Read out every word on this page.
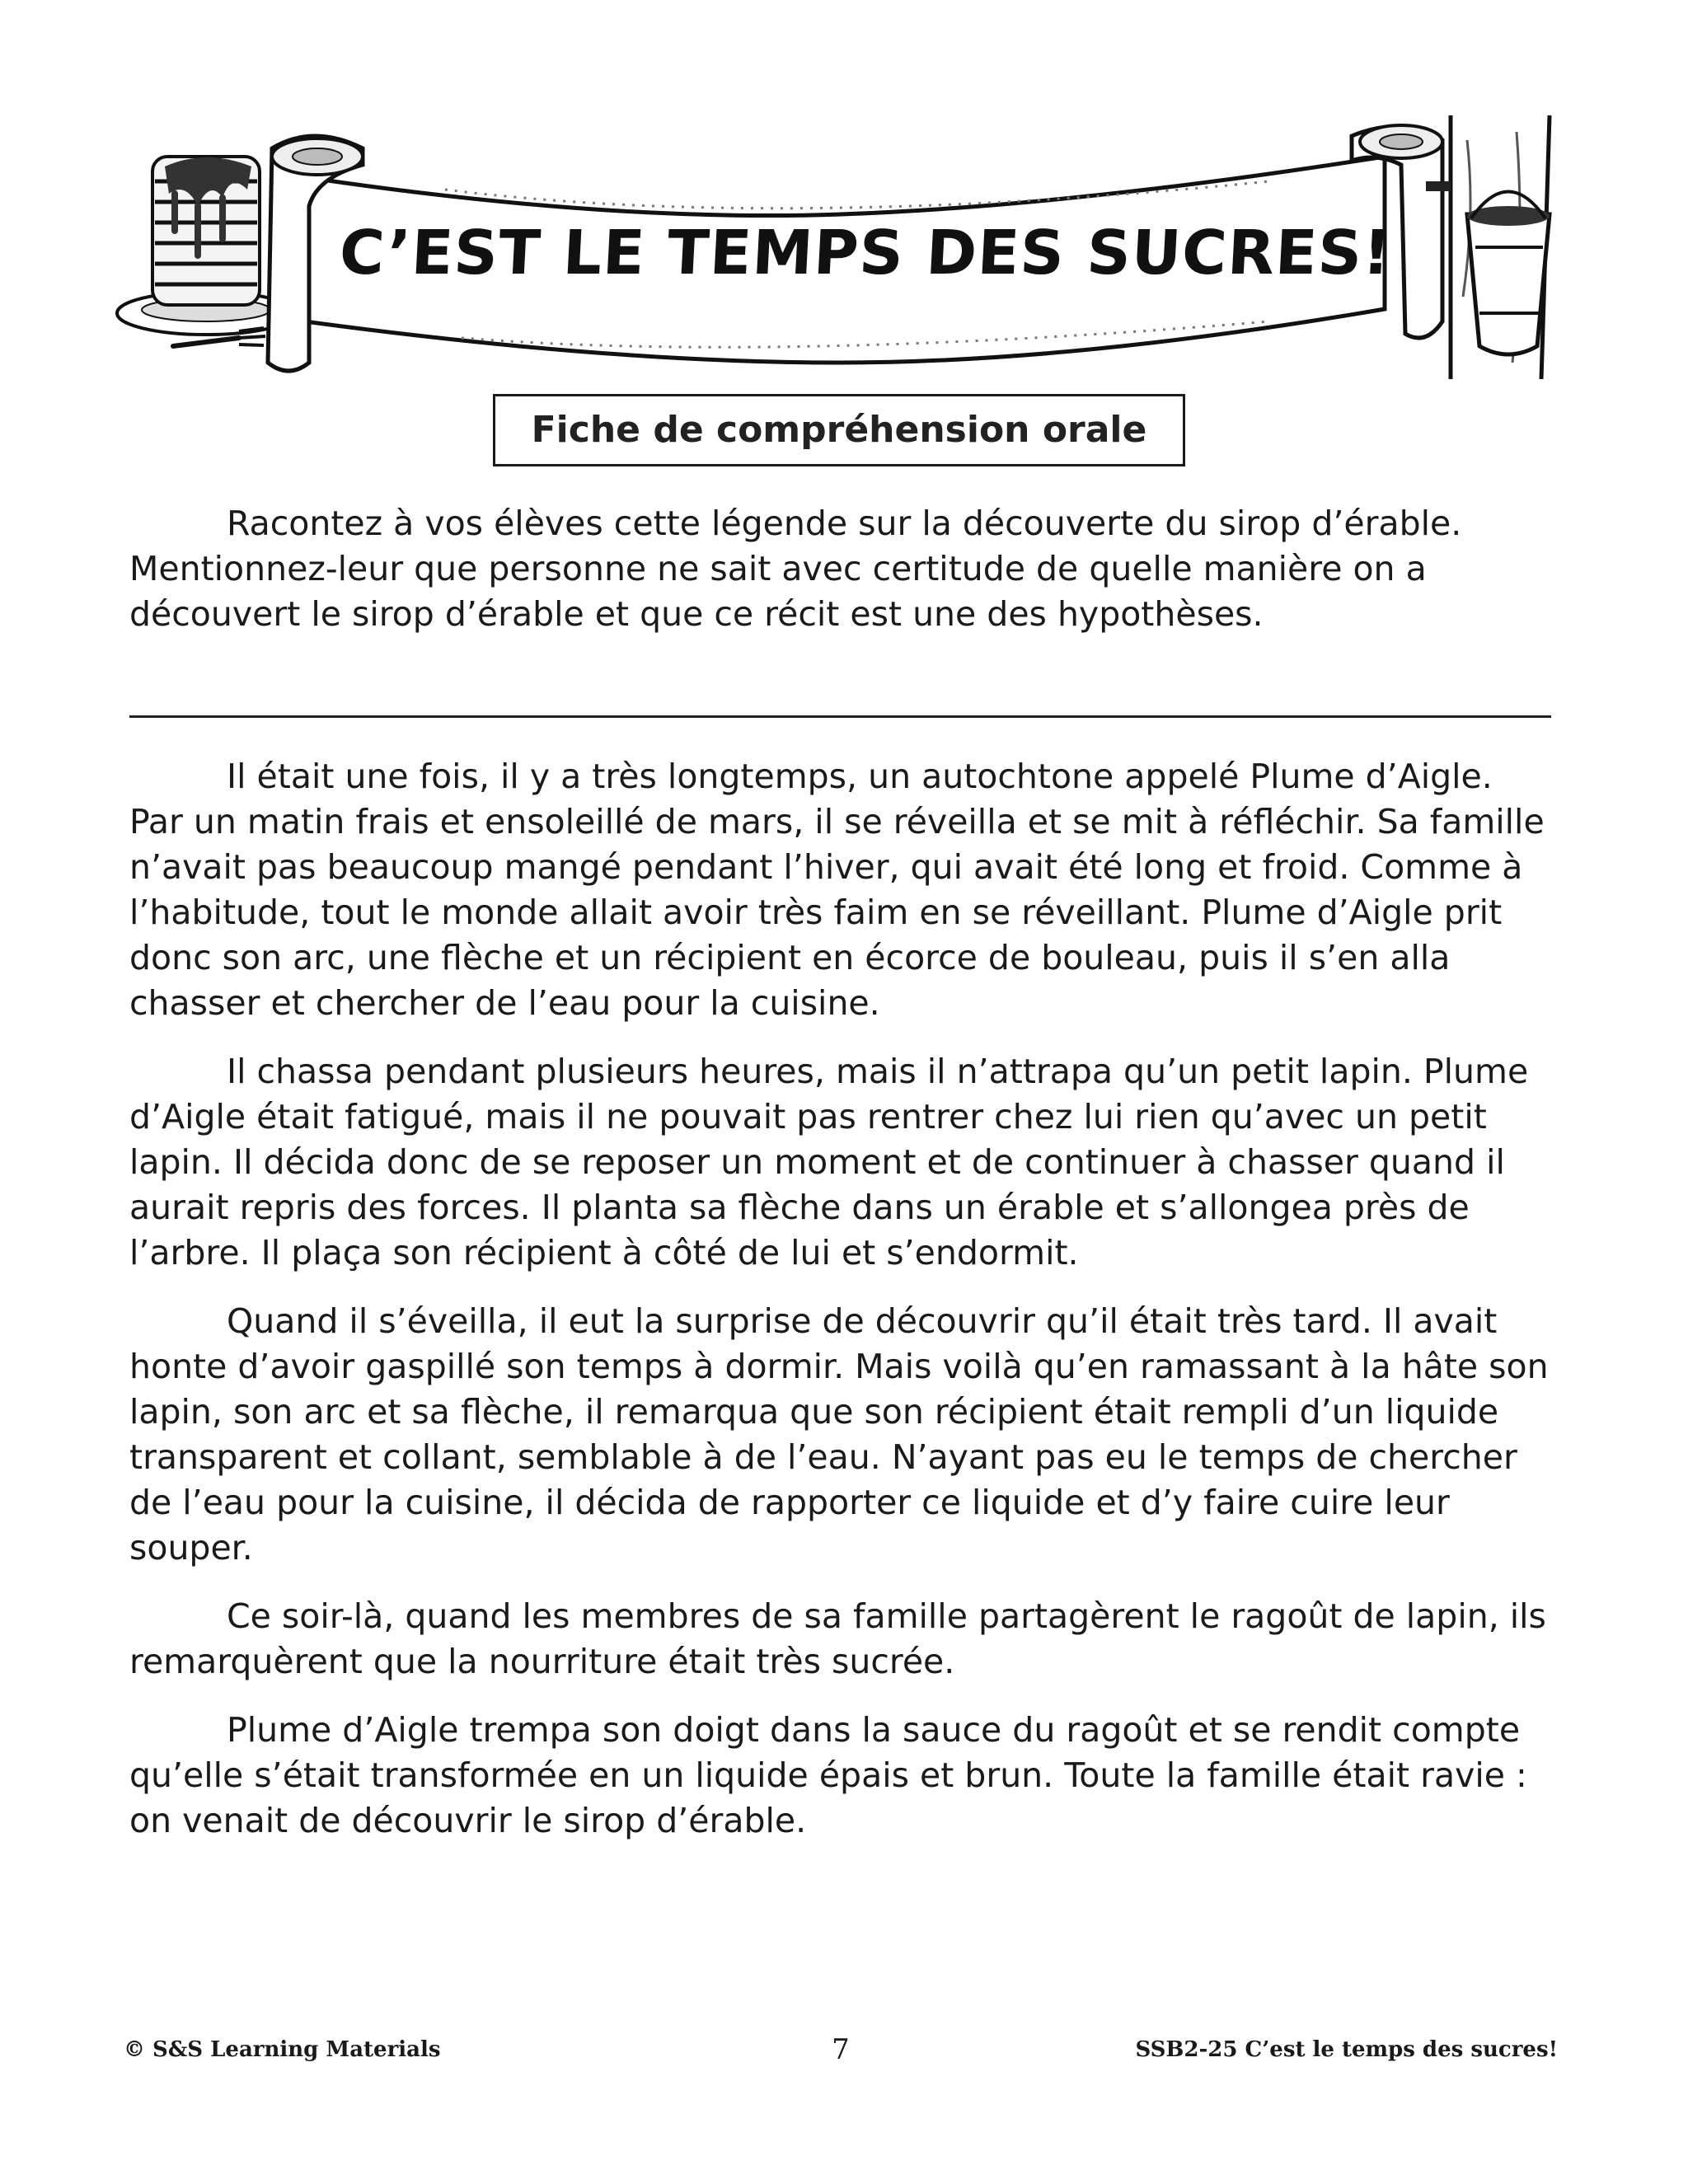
C’EST LE TEMPS DES SUCRES!
Fiche de compréhension orale

Racontez à vos élèves cette légende sur la découverte du sirop d’érable. Mentionnez-leur que personne ne sait avec certitude de quelle manière on a découvert le sirop d’érable et que ce récit est une des hypothèses.

Il était une fois, il y a très longtemps, un autochtone appelé Plume d’Aigle. Par un matin frais et ensoleillé de mars, il se réveilla et se mit à réfléchir. Sa famille n’avait pas beaucoup mangé pendant l’hiver, qui avait été long et froid. Comme à l’habitude, tout le monde allait avoir très faim en se réveillant. Plume d’Aigle prit donc son arc, une flèche et un récipient en écorce de bouleau, puis il s’en alla chasser et chercher de l’eau pour la cuisine.

Il chassa pendant plusieurs heures, mais il n’attrapa qu’un petit lapin. Plume d’Aigle était fatigué, mais il ne pouvait pas rentrer chez lui rien qu’avec un petit lapin. Il décida donc de se reposer un moment et de continuer à chasser quand il aurait repris des forces. Il planta sa flèche dans un érable et s’allongea près de l’arbre. Il plaça son récipient à côté de lui et s’endormit.

Quand il s’éveilla, il eut la surprise de découvrir qu’il était très tard. Il avait honte d’avoir gaspillé son temps à dormir. Mais voilà qu’en ramassant à la hâte son lapin, son arc et sa flèche, il remarqua que son récipient était rempli d’un liquide transparent et collant, semblable à de l’eau. N’ayant pas eu le temps de chercher de l’eau pour la cuisine, il décida de rapporter ce liquide et d’y faire cuire leur souper.

Ce soir-là, quand les membres de sa famille partagèrent le ragoût de lapin, ils remarquèrent que la nourriture était très sucrée.

Plume d’Aigle trempa son doigt dans la sauce du ragoût et se rendit compte qu’elle s’était transformée en un liquide épais et brun. Toute la famille était ravie : on venait de découvrir le sirop d’érable.

7
© S&S Learning Materials	SSB2-25 C’est le temps des sucres!
